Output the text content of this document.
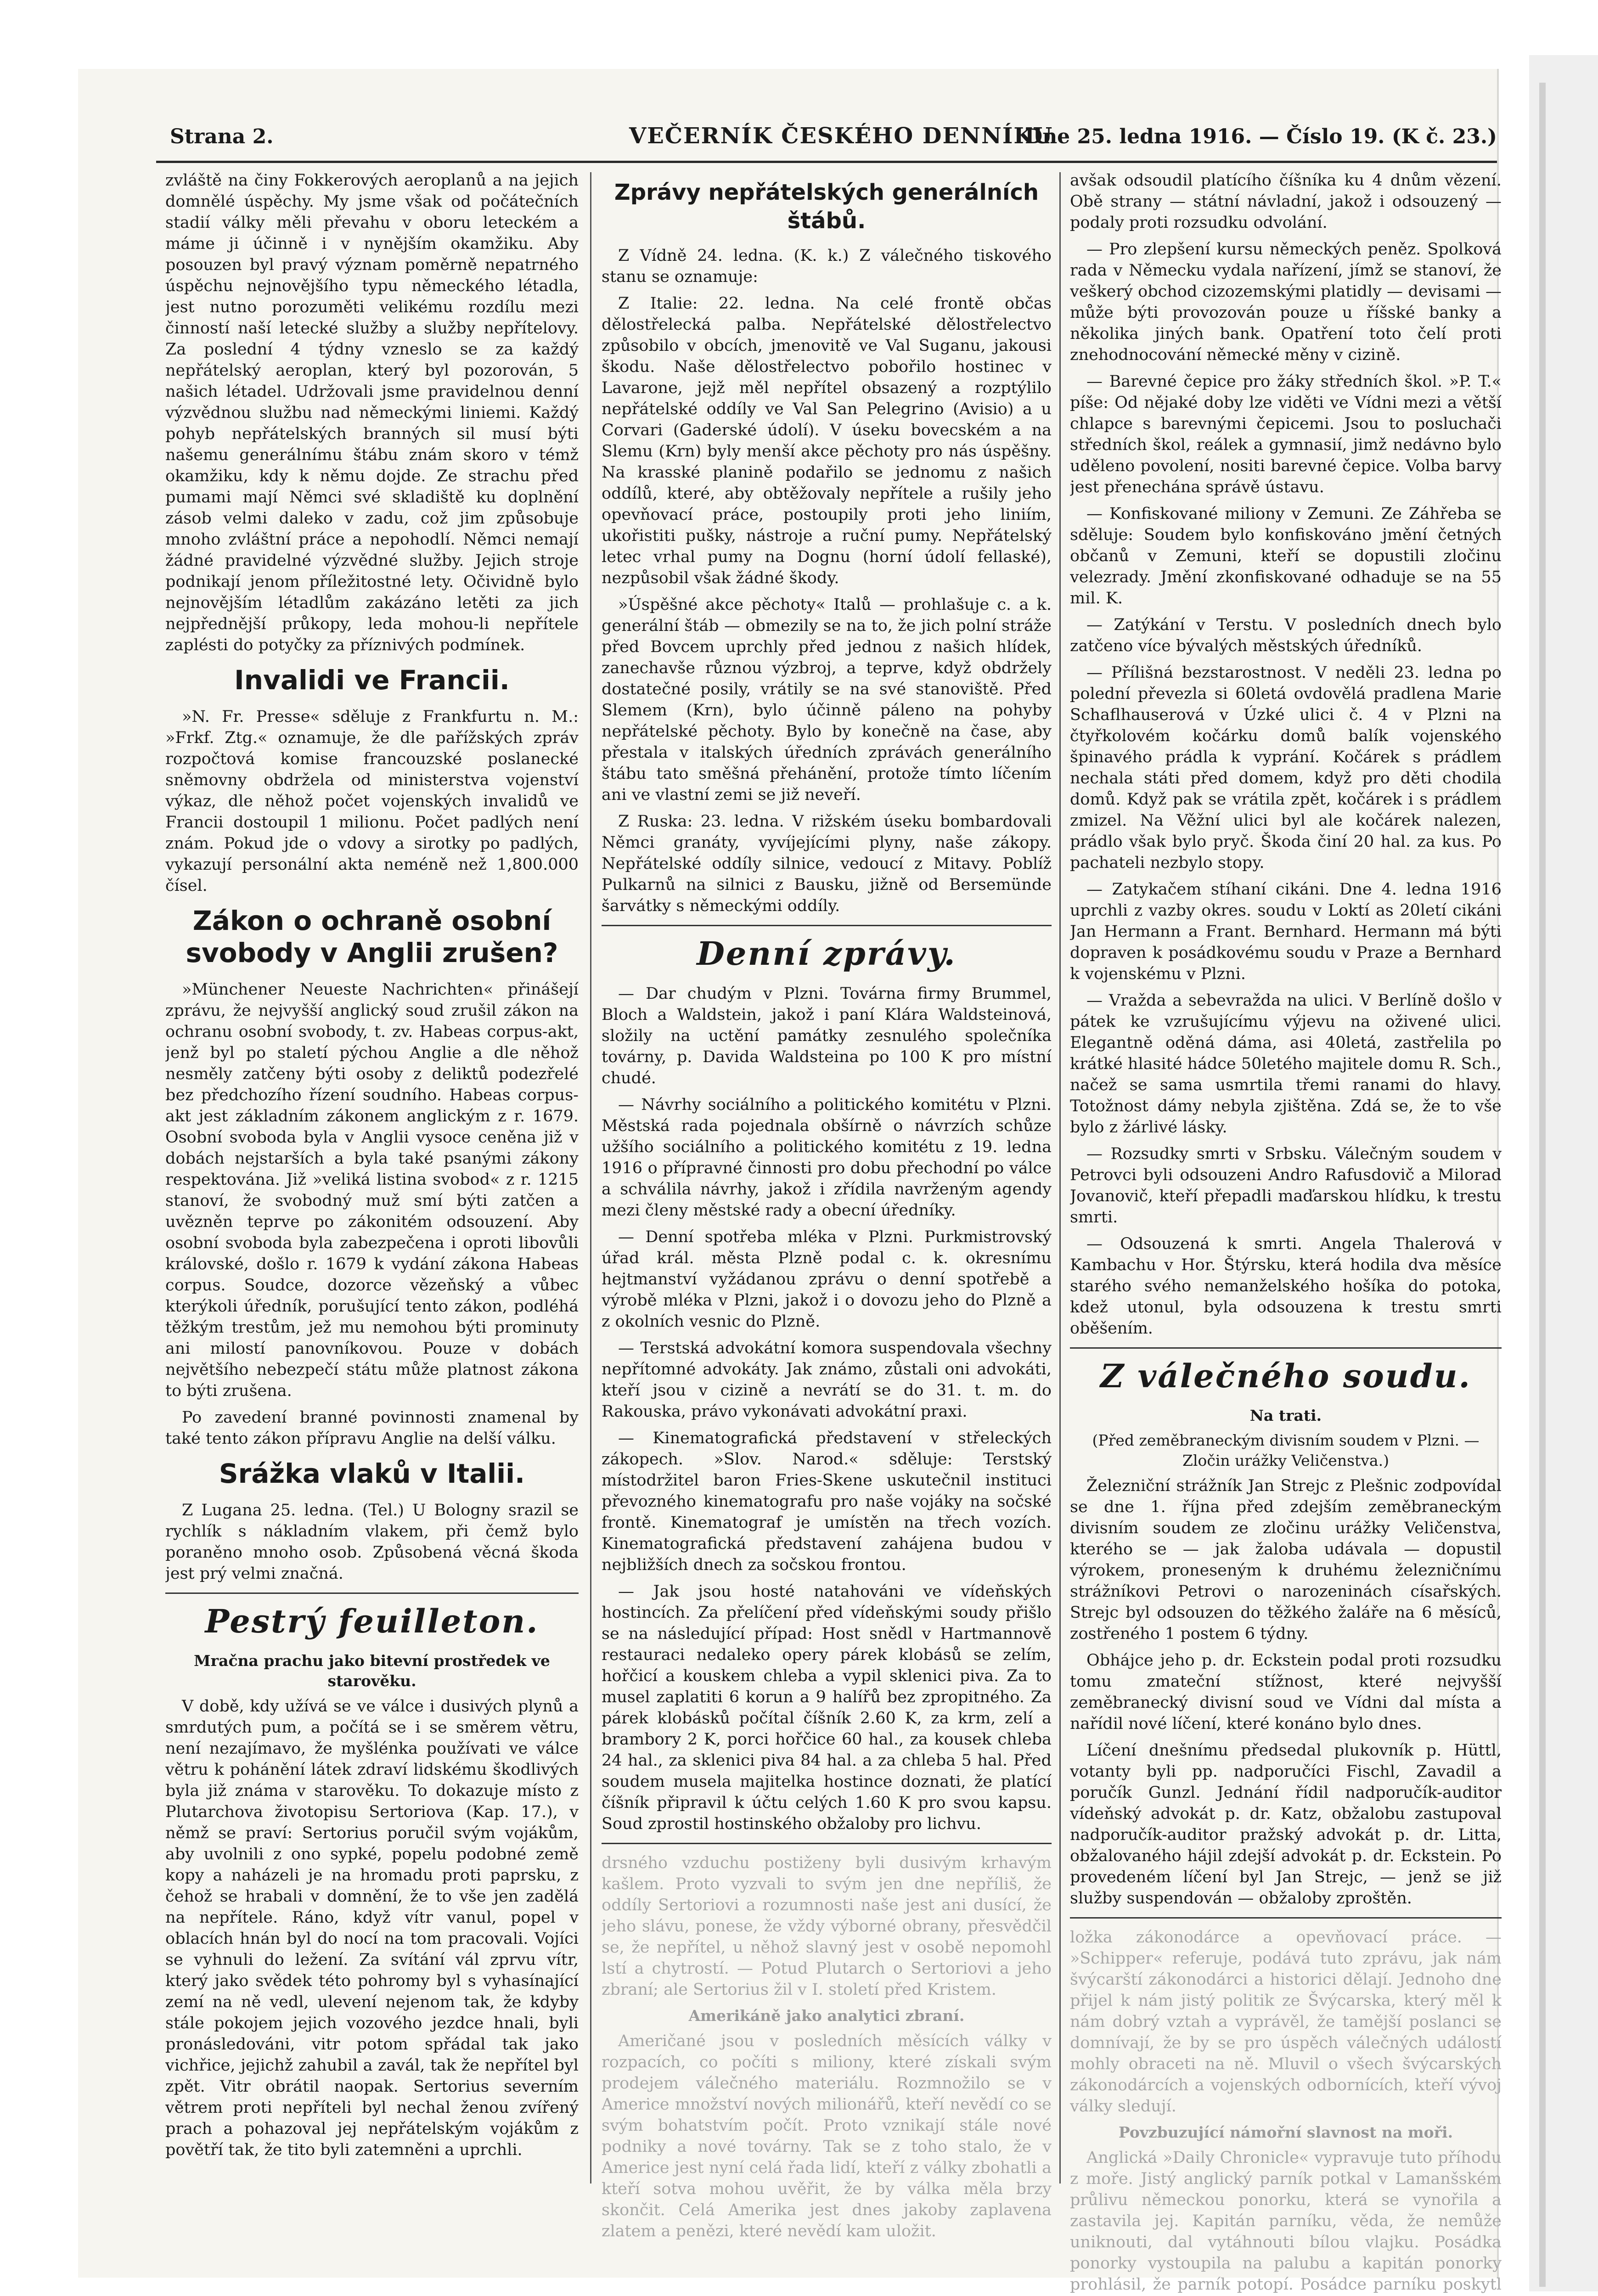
Strana 2.	VEČERNÍK ČESKÉHO DENNÍKU
Dne 25. ledna 1916. — Číslo 19. (K č. 23.)

zvláště na činy Fokkerových aeroplanů a na jejich domnělé úspěchy. My jsme však od počátečních stadií války měli převahu v oboru leteckém a máme ji účinně i v nynějším okamžiku. Aby posouzen byl pravý význam poměrně nepatrného úspěchu nejnovějšího typu německého létadla, jest nutno porozuměti velikému rozdílu mezi činností naší letecké služby a služby nepřítelovy. Za poslední 4 týdny vzneslo se za každý nepřátelský aeroplan, který byl pozorován, 5 našich létadel. Udržovali jsme pravidelnou denní výzvědnou službu nad německými liniemi. Každý pohyb nepřátelských branných sil musí býti našemu generálnímu štábu znám skoro v témž okamžiku, kdy k němu dojde. Ze strachu před pumami mají Němci své skladiště ku doplnění zásob velmi daleko v zadu, což jim způsobuje mnoho zvláštní práce a nepohodlí. Němci nemají žádné pravidelné výzvědné služby. Jejich stroje podnikají jenom příležitostné lety. Očividně bylo nejnovějším létadlům zakázáno letěti za jich nejpřednější průkopy, leda mohou-li nepřítele zaplésti do potyčky za příznivých podmínek.

Invalidi ve Francii.

»N. Fr. Presse« sděluje z Frankfurtu n. M.: »Frkf. Ztg.« oznamuje, že dle pařížských zpráv rozpočtová komise francouzské poslanecké sněmovny obdržela od ministerstva vojenství výkaz, dle něhož počet vojenských invalidů ve Francii dostoupil 1 milionu. Počet padlých není znám. Pokud jde o vdovy a sirotky po padlých, vykazují personální akta neméně než 1,800.000 čísel.

Zákon o ochraně osobní svobody v Anglii zrušen?

»Münchener Neueste Nachrichten« přinášejí zprávu, že nejvyšší anglický soud zrušil zákon na ochranu osobní svobody, t. zv. Habeas corpus-akt, jenž byl po staletí pýchou Anglie a dle něhož nesměly zatčeny býti osoby z deliktů podezřelé bez předchozího řízení soudního. Habeas corpus-akt jest základním zákonem anglickým z r. 1679. Osobní svoboda byla v Anglii vysoce ceněna již v dobách nejstarších a byla také psanými zákony respektována. Již »veliká listina svobod« z r. 1215 stanoví, že svobodný muž smí býti zatčen a uvězněn teprve po zákonitém odsouzení. Aby osobní svoboda byla zabezpečena i oproti libovůli královské, došlo r. 1679 k vydání zákona Habeas corpus. Soudce, dozorce vězeňský a vůbec kterýkoli úředník, porušující tento zákon, podléhá těžkým trestům, jež mu nemohou býti prominuty ani milostí panovníkovou. Pouze v dobách největšího nebezpečí státu může platnost zákona to býti zrušena.

Po zavedení branné povinnosti znamenal by také tento zákon přípravu Anglie na delší válku.

Srážka vlaků v Italii.

Z Lugana 25. ledna. (Tel.) U Bologny srazil se rychlík s nákladním vlakem, při čemž bylo poraněno mnoho osob. Způsobená věcná škoda jest prý velmi značná.

Pestrý feuilleton.
Mračna prachu jako bitevní prostředek ve starověku.

V době, kdy užívá se ve válce i dusivých plynů a smrdutých pum, a počítá se i se směrem větru, není nezajímavo, že myšlénka používati ve válce větru k pohánění látek zdraví lidskému škodlivých byla již známa v starověku. To dokazuje místo z Plutarchova životopisu Sertoriova (Kap. 17.), v němž se praví: Sertorius poručil svým vojákům, aby uvolnili z ono sypké, popelu podobné země kopy a naházeli je na hromadu proti paprsku, z čehož se hrabali v domnění, že to vše jen zadělá na nepřítele. Ráno, když vítr vanul, popel v oblacích hnán byl do nocí na tom pracovali. Vojíci se vyhnuli do ležení. Za svítání vál zprvu vítr, který jako svědek této pohromy byl s vyhasínající zemí na ně vedl, ulevení nejenom tak, že kdyby stále pokojem jejich vozového jezdce hnali, byli pronásledováni, vitr potom spřádal tak jako vichřice, jejichž zahubil a zavál, tak že nepřítel byl zpět. Vitr obrátil naopak. Sertorius severním větrem proti nepříteli byl nechal ženou zvířený prach a pohazoval jej nepřátelským vojákům z povětří tak, že tito byli zatemněni a uprchli.

Zprávy nepřátelských generálních štábů.

Z Vídně 24. ledna. (K. k.) Z válečného tiskového stanu se oznamuje:

Z Italie: 22. ledna. Na celé frontě občas dělostřelecká palba. Nepřátelské dělostřelectvo způsobilo v obcích, jmenovitě ve Val Suganu, jakousi škodu. Naše dělostřelectvo pobořilo hostinec v Lavarone, jejž měl nepřítel obsazený a rozptýlilo nepřátelské oddíly ve Val San Pelegrino (Avisio) a u Corvari (Gaderské údolí). V úseku bovecském a na Slemu (Krn) byly menší akce pěchoty pro nás úspěšny. Na krasské planině podařilo se jednomu z našich oddílů, které, aby obtěžovaly nepřítele a rušily jeho opevňovací práce, postoupily proti jeho liniím, ukořistiti pušky, nástroje a ruční pumy. Nepřátelský letec vrhal pumy na Dognu (horní údolí fellaské), nezpůsobil však žádné škody.

»Úspěšné akce pěchoty« Italů — prohlašuje c. a k. generální štáb — obmezily se na to, že jich polní stráže před Bovcem uprchly před jednou z našich hlídek, zanechavše různou výzbroj, a teprve, když obdržely dostatečné posily, vrátily se na své stanoviště. Před Slemem (Krn), bylo účinně páleno na pohyby nepřátelské pěchoty. Bylo by konečně na čase, aby přestala v italských úředních zprávách generálního štábu tato směšná přehánění, protože tímto líčením ani ve vlastní zemi se již neveří.

Z Ruska: 23. ledna. V rižském úseku bombardovali Němci granáty, vyvíjejícími plyny, naše zákopy. Nepřátelské oddíly silnice, vedoucí z Mitavy. Poblíž Pulkarnů na silnici z Bausku, jižně od Bersemünde šarvátky s německými oddíly.

Denní zprávy.

— Dar chudým v Plzni. Továrna firmy Brummel, Bloch a Waldstein, jakož i paní Klára Waldsteinová, složily na uctění památky zesnulého společníka továrny, p. Davida Waldsteina po 100 K pro místní chudé.

— Návrhy sociálního a politického komitétu v Plzni. Městská rada pojednala obšírně o návrzích schůze užšího sociálního a politického komitétu z 19. ledna 1916 o přípravné činnosti pro dobu přechodní po válce a schválila návrhy, jakož i zřídila navrženým agendy mezi členy městské rady a obecní úředníky.

— Denní spotřeba mléka v Plzni. Purkmistrovský úřad král. města Plzně podal c. k. okresnímu hejtmanství vyžádanou zprávu o denní spotřebě a výrobě mléka v Plzni, jakož i o dovozu jeho do Plzně a z okolních vesnic do Plzně.

— Terstská advokátní komora suspendovala všechny nepřítomné advokáty. Jak známo, zůstali oni advokáti, kteří jsou v cizině a nevrátí se do 31. t. m. do Rakouska, právo vykonávati advokátní praxi.

— Kinematografická představení v střeleckých zákopech. »Slov. Narod.« sděluje: Terstský místodržitel baron Fries-Skene uskutečnil instituci převozného kinematografu pro naše vojáky na sočské frontě. Kinematograf je umístěn na třech vozích. Kinematografická představení zahájena budou v nejbližších dnech za sočskou frontou.

— Jak jsou hosté natahováni ve vídeňských hostincích. Za přelíčení před vídeňskými soudy přišlo se na následující případ: Host snědl v Hartmannově restauraci nedaleko opery párek klobásů se zelím, hořčicí a kouskem chleba a vypil sklenici piva. Za to musel zaplatiti 6 korun a 9 halířů bez zpropitného. Za párek klobásků počítal číšník 2.60 K, za krm, zelí a brambory 2 K, porci hořčice 60 hal., za kousek chleba 24 hal., za sklenici piva 84 hal. a za chleba 5 hal. Před soudem musela majitelka hostince doznati, že platící číšník připravil k účtu celých 1.60 K pro svou kapsu. Soud zprostil hostinského obžaloby pro lichvu.

drsného vzduchu postiženy byli dusivým krhavým kašlem. Proto vyzvali to svým jen dne nepříliš, že oddíly Sertoriovi a rozumnosti naše jest ani dusící, že jeho slávu, ponese, že vždy výborné obrany, přesvědčil se, že nepřítel, u něhož slavný jest v osobě nepomohl lstí a chytrostí. — Potud Plutarch o Sertoriovi a jeho zbraní; ale Sertorius žil v I. století před Kristem.

Amerikáně jako analytici zbraní.

Američané jsou v posledních měsících války v rozpacích, co počíti s miliony, které získali svým prodejem válečného materiálu. Rozmnožilo se v Americe množství nových milionářů, kteří nevědí co se svým bohatstvím počít. Proto vznikají stále nové podniky a nové továrny. Tak se z toho stalo, že v Americe jest nyní celá řada lidí, kteří z války zbohatli a kteří sotva mohou uvěřit, že by válka měla brzy skončit. Celá Amerika jest dnes jakoby zaplavena zlatem a penězi, které nevědí kam uložit.

avšak odsoudil platícího číšníka ku 4 dnům vězení. Obě strany — státní návladní, jakož i odsouzený — podaly proti rozsudku odvolání.

— Pro zlepšení kursu německých peněz. Spolková rada v Německu vydala nařízení, jímž se stanoví, že veškerý obchod cizozemskými platidly — devisami — může býti provozován pouze u říšské banky a několika jiných bank. Opatření toto čelí proti znehodnocování německé měny v cizině.

— Barevné čepice pro žáky středních škol. »P. T.« píše: Od nějaké doby lze viděti ve Vídni mezi a větší chlapce s barevnými čepicemi. Jsou to posluchači středních škol, reálek a gymnasií, jimž nedávno bylo uděleno povolení, nositi barevné čepice. Volba barvy jest přenechána správě ústavu.

— Konfiskované miliony v Zemuni. Ze Záhřeba se sděluje: Soudem bylo konfiskováno jmění četných občanů v Zemuni, kteří se dopustili zločinu velezrady. Jmění zkonfiskované odhaduje se na 55 mil. K.

— Zatýkání v Terstu. V posledních dnech bylo zatčeno více bývalých městských úředníků.

— Přílišná bezstarostnost. V neděli 23. ledna po polední převezla si 60letá ovdovělá pradlena Marie Schaflhauserová v Úzké ulici č. 4 v Plzni na čtyřkolovém kočárku domů balík vojenského špinavého prádla k vyprání. Kočárek s prádlem nechala státi před domem, když pro děti chodila domů. Když pak se vrátila zpět, kočárek i s prádlem zmizel. Na Věžní ulici byl ale kočárek nalezen, prádlo však bylo pryč. Škoda činí 20 hal. za kus. Po pachateli nezbylo stopy.

— Zatykačem stíhaní cikáni. Dne 4. ledna 1916 uprchli z vazby okres. soudu v Loktí as 20letí cikáni Jan Hermann a Frant. Bernhard. Hermann má býti dopraven k posádkovému soudu v Praze a Bernhard k vojenskému v Plzni.

— Vražda a sebevražda na ulici. V Berlíně došlo v pátek ke vzrušujícímu výjevu na oživené ulici. Elegantně oděná dáma, asi 40letá, zastřelila po krátké hlasité hádce 50letého majitele domu R. Sch., načež se sama usmrtila třemi ranami do hlavy. Totožnost dámy nebyla zjištěna. Zdá se, že to vše bylo z žárlivé lásky.

— Rozsudky smrti v Srbsku. Válečným soudem v Petrovci byli odsouzeni Andro Rafusdovič a Milorad Jovanovič, kteří přepadli maďarskou hlídku, k trestu smrti.

— Odsouzená k smrti. Angela Thalerová v Kambachu v Hor. Štýrsku, která hodila dva měsíce starého svého nemanželského hošíka do potoka, kdež utonul, byla odsouzena k trestu smrti oběšením.

Z válečného soudu.
Na trati.
(Před zeměbraneckým divisním soudem v Plzni. — Zločin urážky Veličenstva.)

Železniční strážník Jan Strejc z Plešnic zodpovídal se dne 1. října před zdejším zeměbraneckým divisním soudem ze zločinu urážky Veličenstva, kterého se — jak žaloba udávala — dopustil výrokem, proneseným k druhému železničnímu strážníkovi Petrovi o narozeninách císařských. Strejc byl odsouzen do těžkého žaláře na 6 měsíců, zostřeného 1 postem 6 týdny.

Obhájce jeho p. dr. Eckstein podal proti rozsudku tomu zmateční stížnost, které nejvyšší zeměbranecký divisní soud ve Vídni dal místa a nařídil nové líčení, které konáno bylo dnes.

Líčení dnešnímu předsedal plukovník p. Hüttl, votanty byli pp. nadporučíci Fischl, Zavadil a poručík Gunzl. Jednání řídil nadporučík-auditor vídeňský advokát p. dr. Katz, obžalobu zastupoval nadporučík-auditor pražský advokát p. dr. Litta, obžalovaného hájil zdejší advokát p. dr. Eckstein. Po provedeném líčení byl Jan Strejc, — jenž se již služby suspendován — obžaloby zproštěn.

ložka zákonodárce a opevňovací práce. — »Schipper« referuje, podává tuto zprávu, jak nám švýcarští zákonodárci a historici dělají. Jednoho dne přijel k nám jistý politik ze Švýcarska, který měl k nám dobrý vztah a vyprávěl, že tamější poslanci se domnívají, že by se pro úspěch válečných událostí mohly obraceti na ně. Mluvil o všech švýcarských zákonodárcích a vojenských odbornících, kteří vývoj války sledují.

Povzbuzující námořní slavnost na moři.

Anglická »Daily Chronicle« vypravuje tuto příhodu z moře. Jistý anglický parník potkal v Lamanšském průlivu německou ponorku, která se vynořila a zastavila jej. Kapitán parníku, věda, že nemůže uniknouti, dal vytáhnouti bílou vlajku. Posádka ponorky vystoupila na palubu a kapitán ponorky prohlásil, že parník potopí. Posádce parníku poskytl
